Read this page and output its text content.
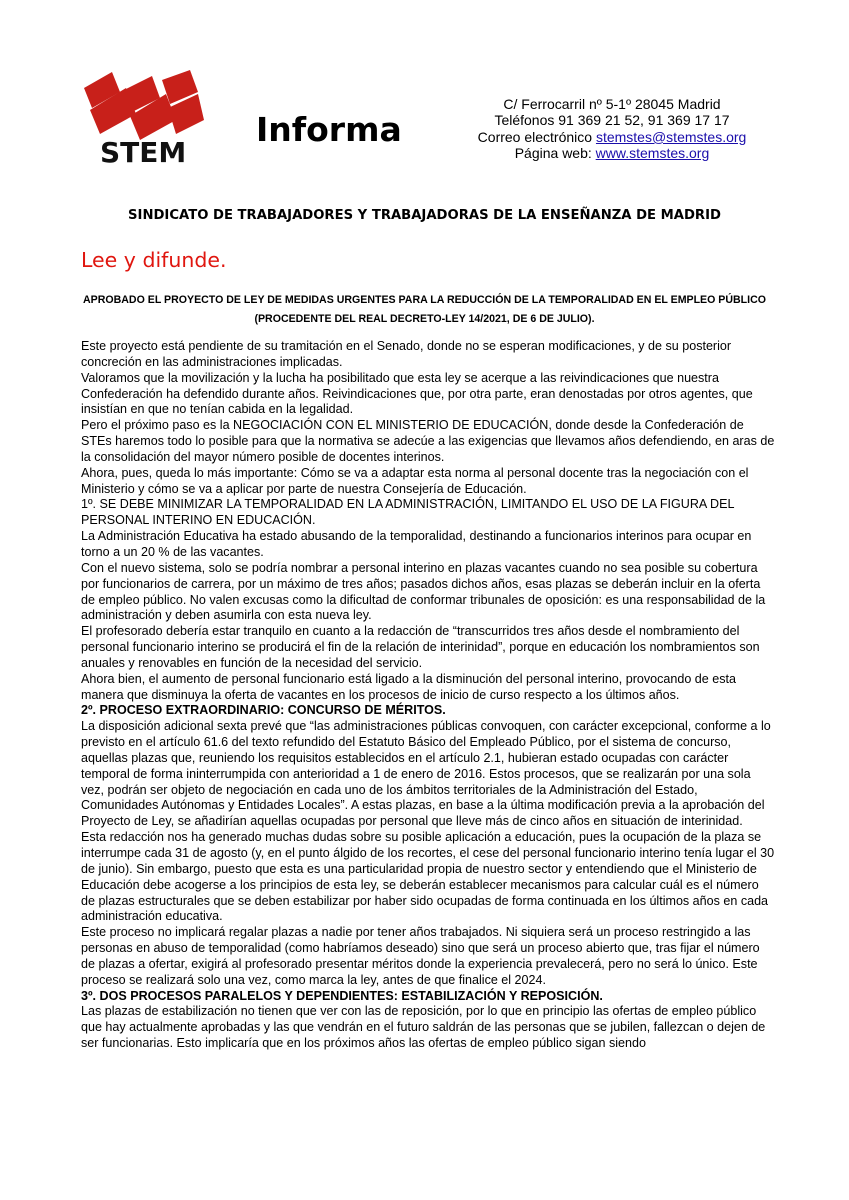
STEM
Informa
C/ Ferrocarril nº 5-1º 28045 Madrid
Teléfonos 91 369 21 52, 91 369 17 17
Correo electrónico stemstes@stemstes.org
Página web: www.stemstes.org
SINDICATO DE TRABAJADORES Y TRABAJADORAS DE LA ENSEÑANZA DE MADRID
Lee y difunde.
APROBADO EL PROYECTO DE LEY DE MEDIDAS URGENTES PARA LA REDUCCIÓN DE LA TEMPORALIDAD EN EL EMPLEO PÚBLICO
(PROCEDENTE DEL REAL DECRETO-LEY 14/2021, DE 6 DE JULIO).

Este proyecto está pendiente de su tramitación en el Senado, donde no se esperan modificaciones, y de su posterior concreción en las administraciones implicadas.

Valoramos que la movilización y la lucha ha posibilitado que esta ley se acerque a las reivindicaciones que nuestra Confederación ha defendido durante años. Reivindicaciones que, por otra parte, eran denostadas por otros agentes, que insistían en que no tenían cabida en la legalidad.

Pero el próximo paso es la NEGOCIACIÓN CON EL MINISTERIO DE EDUCACIÓN, donde desde la Confederación de STEs haremos todo lo posible para que la normativa se adecúe a las exigencias que llevamos años defendiendo, en aras de la consolidación del mayor número posible de docentes interinos.

Ahora, pues, queda lo más importante: Cómo se va a adaptar esta norma al personal docente tras la negociación con el Ministerio y cómo se va a aplicar por parte de nuestra Consejería de Educación.

1º. SE DEBE MINIMIZAR LA TEMPORALIDAD EN LA ADMINISTRACIÓN, LIMITANDO EL USO DE LA FIGURA DEL PERSONAL INTERINO EN EDUCACIÓN.

La Administración Educativa ha estado abusando de la temporalidad, destinando a funcionarios interinos para ocupar en torno a un 20 % de las vacantes.

Con el nuevo sistema, solo se podría nombrar a personal interino en plazas vacantes cuando no sea posible su cobertura por funcionarios de carrera, por un máximo de tres años; pasados dichos años, esas plazas se deberán incluir en la oferta de empleo público. No valen excusas como la dificultad de conformar tribunales de oposición: es una responsabilidad de la administración y deben asumirla con esta nueva ley.

El profesorado debería estar tranquilo en cuanto a la redacción de “transcurridos tres años desde el nombramiento del personal funcionario interino se producirá el fin de la relación de interinidad”, porque en educación los nombramientos son anuales y renovables en función de la necesidad del servicio.

Ahora bien, el aumento de personal funcionario está ligado a la disminución del personal interino, provocando de esta manera que disminuya la oferta de vacantes en los procesos de inicio de curso respecto a los últimos años.

2º. PROCESO EXTRAORDINARIO: CONCURSO DE MÉRITOS.

La disposición adicional sexta prevé que “las administraciones públicas convoquen, con carácter excepcional, conforme a lo previsto en el artículo 61.6 del texto refundido del Estatuto Básico del Empleado Público, por el sistema de concurso, aquellas plazas que, reuniendo los requisitos establecidos en el artículo 2.1, hubieran estado ocupadas con carácter temporal de forma ininterrumpida con anterioridad a 1 de enero de 2016. Estos procesos, que se realizarán por una sola vez, podrán ser objeto de negociación en cada uno de los ámbitos territoriales de la Administración del Estado, Comunidades Autónomas y Entidades Locales”. A estas plazas, en base a la última modificación previa a la aprobación del Proyecto de Ley, se añadirían aquellas ocupadas por personal que lleve más de cinco años en situación de interinidad.

Esta redacción nos ha generado muchas dudas sobre su posible aplicación a educación, pues la ocupación de la plaza se interrumpe cada 31 de agosto (y, en el punto álgido de los recortes, el cese del personal funcionario interino tenía lugar el 30 de junio). Sin embargo, puesto que esta es una particularidad propia de nuestro sector y entendiendo que el Ministerio de Educación debe acogerse a los principios de esta ley, se deberán establecer mecanismos para calcular cuál es el número de plazas estructurales que se deben estabilizar por haber sido ocupadas de forma continuada en los últimos años en cada administración educativa.

Este proceso no implicará regalar plazas a nadie por tener años trabajados. Ni siquiera será un proceso restringido a las personas en abuso de temporalidad (como habríamos deseado) sino que será un proceso abierto que, tras fijar el número de plazas a ofertar, exigirá al profesorado presentar méritos donde la experiencia prevalecerá, pero no será lo único. Este proceso se realizará solo una vez, como marca la ley, antes de que finalice el 2024.

3º. DOS PROCESOS PARALELOS Y DEPENDIENTES: ESTABILIZACIÓN Y REPOSICIÓN.

Las plazas de estabilización no tienen que ver con las de reposición, por lo que en principio las ofertas de empleo público que hay actualmente aprobadas y las que vendrán en el futuro saldrán de las personas que se jubilen, fallezcan o dejen de ser funcionarias. Esto implicaría que en los próximos años las ofertas de empleo público sigan siendo
